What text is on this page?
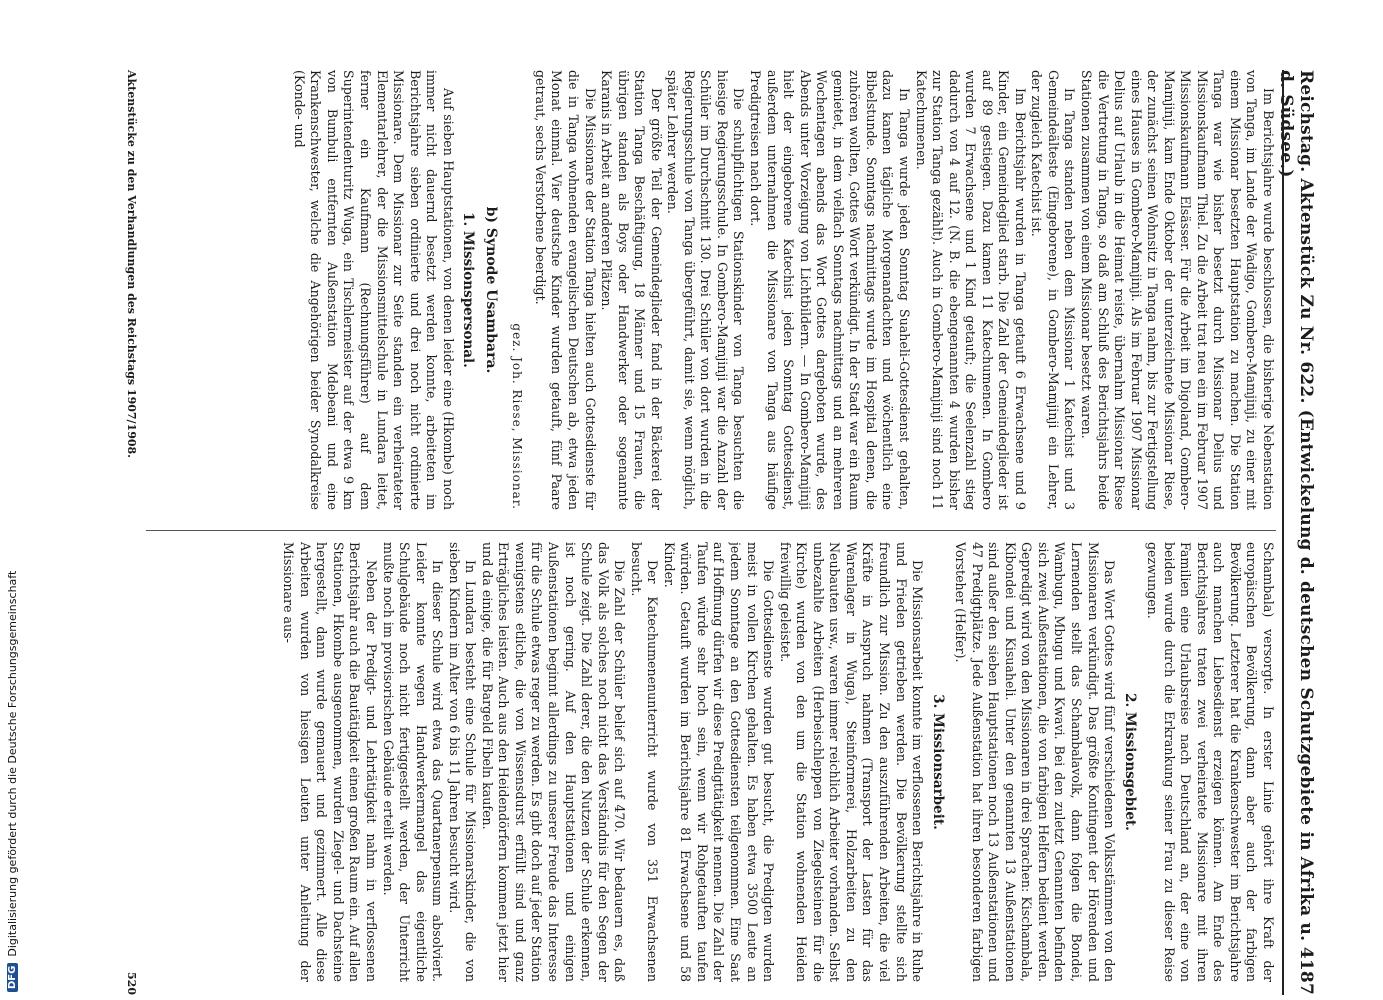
Reichstag. Aktenstück Zu Nr. 622. (Entwickelung d. deutschen Schutzgebiete in Afrika u. d. Südsee.)
4187

Im Berichtsjahre wurde beschlossen, die bisherige Nebenstation von Tanga, im Lande der Wadigo, Gombero-Mamjinji, zu einer mit einem Missionar besetzten Hauptstation zu machen. Die Station Tanga war wie bisher besetzt durch Missionar Delius und Missionskaufmann Thiel. Zu die Arbeit trat neu ein im Februar 1907 Missionskaufmann Elsässer. Für die Arbeit im Digoland, Gombero-Mamjinji, kam Ende Oktober der unterzeichnete Missionar Riese, der zunächst seinen Wohnsitz in Tanga nahm, bis zur Fertigstellung eines Hauses in Gombero-Mamjinji. Als im Februar 1907 Missionar Delius auf Urlaub in die Heimat reiste, übernahm Missionar Riese die Vertretung in Tanga, so daß am Schluß des Berichtsjahrs beide Stationen zusammen von einem Missionar besetzt waren.

In Tanga standen neben dem Missionar 1 Katechist und 3 Gemeindeälteste (Eingeborene), in Gombero-Mamjinji ein Lehrer, der zugleich Katechist ist.

Im Berichtsjahr wurden in Tanga getauft 6 Erwachsene und 9 Kinder, ein Gemeindeglied starb. Die Zahl der Gemeindeglieder ist auf 89 gestiegen. Dazu kamen 11 Katechumenen. In Gombero wurden 7 Erwachsene und 1 Kind getauft; die Seelenzahl stieg dadurch von 4 auf 12. (N. B. die ebengenannten 4 wurden bisher zur Station Tanga gezählt). Auch in Gombero-Mamjinji sind noch 11 Katechumenen.

In Tanga wurde jeden Sonntag Suaheli-Gottesdienst gehalten, dazu kamen tägliche Morgenandachten und wöchentlich eine Bibelstunde. Sonntags nachmittags wurde im Hospital denen, die zuhören wollten, Gottes Wort verkündigt. In der Stadt war ein Raum gemietet, in dem vielfach Sonntags nachmittags und an mehreren Wochentagen abends das Wort Gottes dargeboten wurde, des Abends unter Vorzeigung von Lichtbildern. — In Gombero-Mamjinji hielt der eingeborene Katechist jeden Sonntag Gottesdienst, außerdem unternahmen die Missionare von Tanga aus häufige Predigtreisen nach dort.

Die schulpflichtigen Stationskinder von Tanga besuchten die hiesige Regierungsschule. In Gombero-Mamjinji war die Anzahl der Schüler im Durchschnitt 130. Drei Schüler von dort wurden in die Regierungsschule von Tanga übergeführt, damit sie, wenn möglich, später Lehrer werden.

Der größte Teil der Gemeindeglieder fand in der Bäckerei der Station Tanga Beschäftigung, 18 Männer und 15 Frauen, die übrigen standen als Boys oder Handwerker oder sogenannte Karanis in Arbeit an anderen Plätzen.

Die Missionare der Station Tanga hielten auch Gottesdienste für die in Tanga wohnenden evangelischen Deutschen ab, etwa jeden Monat einmal. Vier deutsche Kinder wurden getauft, fünf Paare getraut, sechs Verstorbene beerdigt.

gez. Joh. Riese, Missionar.
b) Synode Usambara.
1. Missionspersonal.

Auf sieben Hauptstationen, von denen leider eine (Hkombe) noch immer nicht dauernd besetzt werden konnte, arbeiteten im Berichtsjahre sieben ordinierte und drei noch nicht ordinierte Missionare. Dem Missionar zur Seite standen ein verheirateter Elementarlehrer, der die Missionsmittelschule in Lundara leitet, ferner ein Kaufmann (Rechnungsführer) auf dem Superintendenturitz Wuga, ein Tischlermeister auf der etwa 9 km von Bumbuli entfernten Außenstation Mdebeani und eine Krankenschwester, welche die Angehörigen beider Synodalkreise (Konde- und

Schambala) versorgte. In erster Linie gehört ihre Kraft der europäischen Bevölkerung, dann aber auch der farbigen Bevölkerung. Letzterer hat die Krankenschwester im Berichtsjahre auch manchen Liebesdienst erzeigen können. Am Ende des Berichtsjahres traten zwei verheiratete Missionare mit ihren Familien eine Urlaubsreise nach Deutschland an, der eine von beiden wurde durch die Erkrankung seiner Frau zu dieser Reise gezwungen.

2. Missionsgebiet.

Das Wort Gottes wird fünf verschiedenen Volksstämmen von den Missionaren verkündigt. Das größte Kontingent der Hörenden und Lernenden stellt das Schambalavolk, dann folgen die Bondei, Wambugu, Mbugu und Kwavi. Bei den zuletzt Genannten befinden sich zwei Außenstationen, die von farbigen Helfern bedient werden. Gepredigt wird von den Missionaren in drei Sprachen: Kischambala, Kibondei und Kisuaheli. Unter den genannten 13 Außenstationen sind außer den sieben Hauptstationen noch 13 Außenstationen und 47 Predigtplätze. Jede Außenstation hat ihren besonderen farbigen Vorsteher (Helfer).

3. Missionsarbeit.

Die Missionsarbeit konnte im verflossenen Berichtsjahre in Ruhe und Frieden getrieben werden. Die Bevölkerung stellte sich freundlich zur Mission. Zu den auszuführenden Arbeiten, die viel Kräfte in Anspruch nahmen (Transport der Lasten für das Warenlager in Wuga), Steinformerei, Holzarbeiten zu den Neubauten usw., waren immer reichlich Arbeiter vorhanden. Selbst unbezahlte Arbeiten (Herbeischleppen von Ziegelsteinen für die Kirche) wurden von den um die Station wohnenden Heiden freiwillig geleistet.

Die Gottesdienste wurden gut besucht, die Predigten wurden meist in vollen Kirchen gehalten. Es haben etwa 3500 Leute an jedem Sonntage an den Gottesdiensten teilgenommen. Eine Saat auf Hoffnung dürfen wir diese Predigttätigkeit nennen. Die Zahl der Taufen würde sehr hoch sein, wenn wir Rohgetauften taufen würden. Getauft wurden im Berichtsjahre 81 Erwachsene und 58 Kinder.

Der Katechumenenunterricht wurde von 351 Erwachsenen besucht.

Die Zahl der Schüler belief sich auf 470. Wir bedauern es, daß das Volk als solches noch nicht das Verständnis für den Segen der Schule zeigt. Die Zahl derer, die den Nutzen der Schule erkennen, ist noch gering. Auf den Hauptstationen und einigen Außenstationen beginnt allerdings zu unserer Freude das Interesse für die Schule etwas reger zu werden. Es gibt doch auf jeder Station wenigstens etliche, die von Wissensdurst erfüllt sind und ganz Erträgliches leisten. Auch aus den Heidendörfern kommen jetzt hier und da einige, die für Bargeld Fibeln kaufen.

In Lundara besteht eine Schule für Missionarskinder, die von sieben Kindern im Alter von 6 bis 11 Jahren besucht wird.

In dieser Schule wird etwa das Quartanerpensum absolviert. Leider konnte wegen Handwerkermangel das eigentliche Schulgebäude noch nicht fertiggestellt werden, der Unterricht mußte noch im provisorischen Gebäude erteilt werden.

Neben der Predigt- und Lehrtätigkeit nahm in verflossenen Berichtsjahr auch die Bautätigkeit einen großen Raum ein. Auf allen Stationen, Hkombe ausgenommen, wurden Ziegel- und Dachsteine hergestellt, dann wurde gemauert und gezimmert. Alle diese Arbeiten wurden von hiesigen Leuten unter Anleitung der Missionare aus-

Aktenstücke zu den Verhandlungen des Reichstags 1907/1908.
520
DFG
Digitalisierung gefördert durch die Deutsche Forschungsgemeinschaft
